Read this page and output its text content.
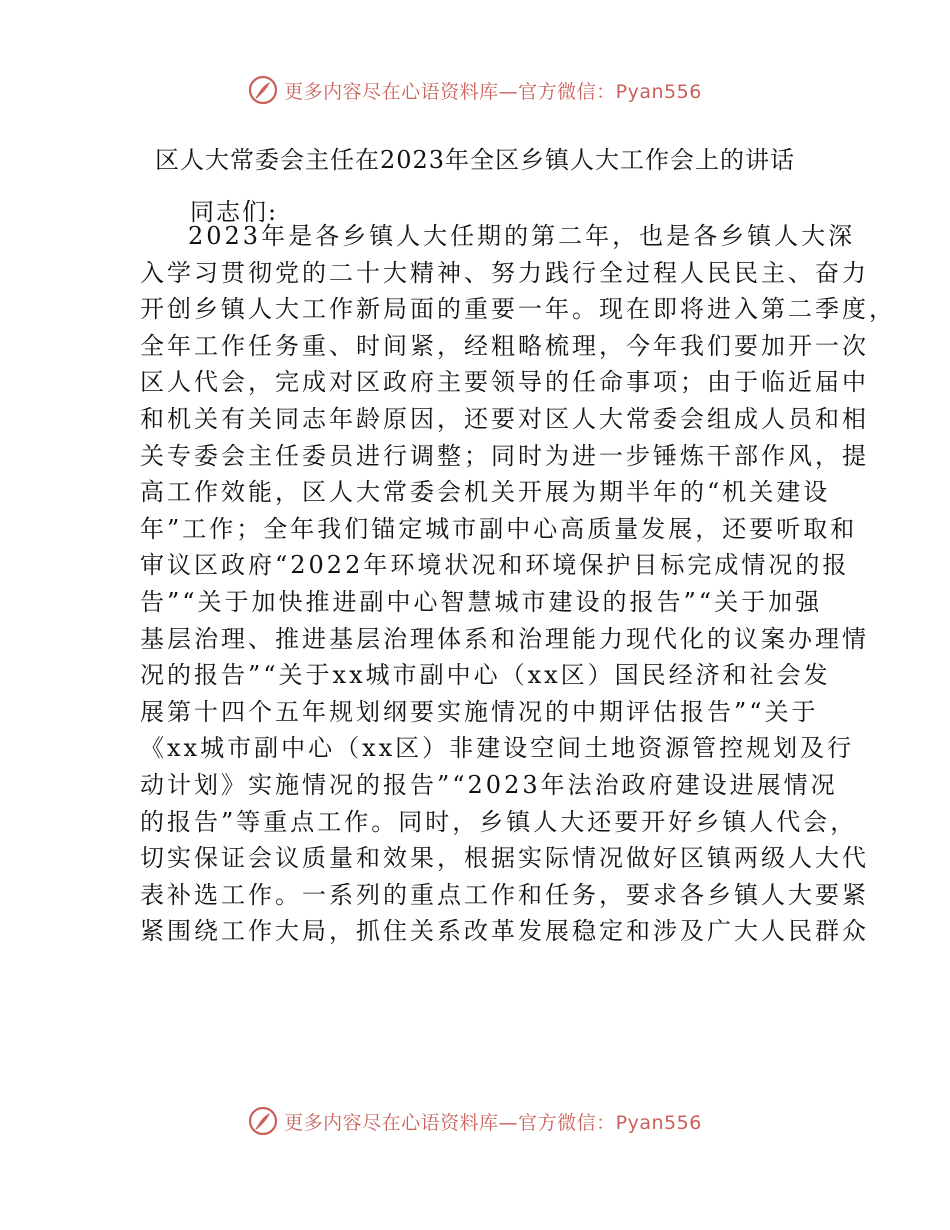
更多内容尽在心语资料库—官方微信：Pyan556
区人大常委会主任在2023年全区乡镇人大工作会上的讲话
同志们:
2023年是各乡镇人大任期的第二年，也是各乡镇人大深
入学习贯彻党的二十大精神、努力践行全过程人民民主、奋力
开创乡镇人大工作新局面的重要一年。现在即将进入第二季度，
全年工作任务重、时间紧，经粗略梳理，今年我们要加开一次
区人代会，完成对区政府主要领导的任命事项；由于临近届中
和机关有关同志年龄原因，还要对区人大常委会组成人员和相
关专委会主任委员进行调整；同时为进一步锤炼干部作风，提
高工作效能，区人大常委会机关开展为期半年的“机关建设
年”工作；全年我们锚定城市副中心高质量发展，还要听取和
审议区政府“2022年环境状况和环境保护目标完成情况的报
告”“关于加快推进副中心智慧城市建设的报告”“关于加强
基层治理、推进基层治理体系和治理能力现代化的议案办理情
况的报告”“关于xx城市副中心（xx区）国民经济和社会发
展第十四个五年规划纲要实施情况的中期评估报告”“关于
《xx城市副中心（xx区）非建设空间土地资源管控规划及行
动计划》实施情况的报告”“2023年法治政府建设进展情况
的报告”等重点工作。同时，乡镇人大还要开好乡镇人代会，
切实保证会议质量和效果，根据实际情况做好区镇两级人大代
表补选工作。一系列的重点工作和任务，要求各乡镇人大要紧
紧围绕工作大局，抓住关系改革发展稳定和涉及广大人民群众
更多内容尽在心语资料库—官方微信：Pyan556
